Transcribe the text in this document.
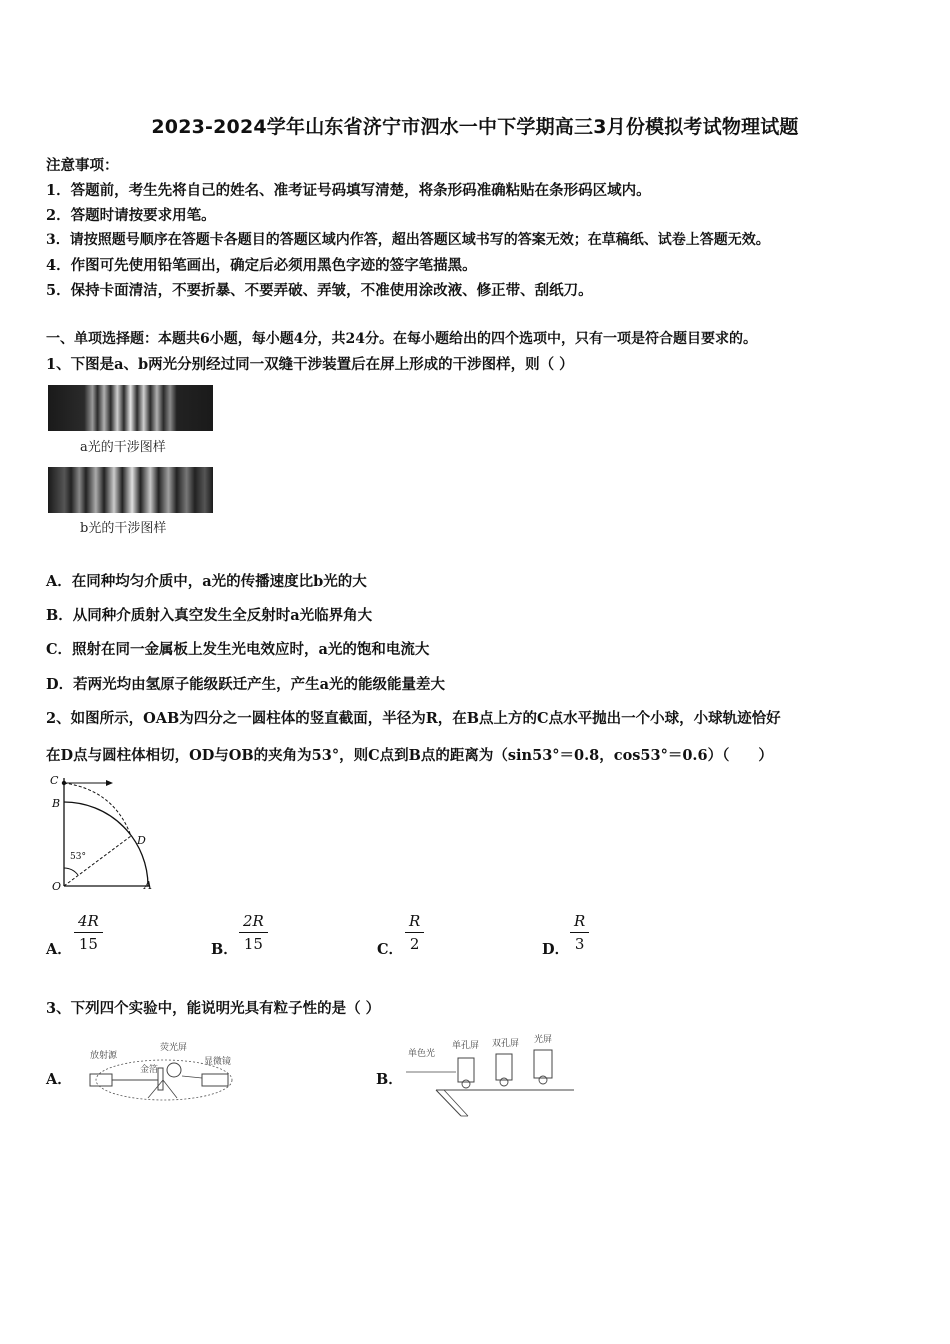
2023-2024学年山东省济宁市泗水一中下学期高三3月份模拟考试物理试题
注意事项：
1．答题前，考生先将自己的姓名、准考证号码填写清楚，将条形码准确粘贴在条形码区域内。
2．答题时请按要求用笔。
3．请按照题号顺序在答题卡各题目的答题区域内作答，超出答题区域书写的答案无效；在草稿纸、试卷上答题无效。
4．作图可先使用铅笔画出，确定后必须用黑色字迹的签字笔描黑。
5．保持卡面清洁，不要折暴、不要弄破、弄皱，不准使用涂改液、修正带、刮纸刀。
一、单项选择题：本题共6小题，每小题4分，共24分。在每小题给出的四个选项中，只有一项是符合题目要求的。
1、下图是a、b两光分别经过同一双缝干涉装置后在屏上形成的干涉图样，则（ ）
a光的干涉图样
b光的干涉图样
A．在同种均匀介质中，a光的传播速度比b光的大
B．从同种介质射入真空发生全反射时a光临界角大
C．照射在同一金属板上发生光电效应时，a光的饱和电流大
D．若两光均由氢原子能级跃迁产生，产生a光的能级能量差大
2、如图所示，OAB为四分之一圆柱体的竖直截面，半径为R，在B点上方的C点水平抛出一个小球，小球轨迹恰好
在D点与圆柱体相切，OD与OB的夹角为53°，则C点到B点的距离为（sin53°＝0.8，cos53°＝0.6）（　　）
C
B
D
O	A
53°
A． $\frac{4R}{15}$	B． $\frac{2R}{15}$	C． $\frac{R}{2}$	D． $\frac{R}{3}$
3、下列四个实验中，能说明光具有粒子性的是（ ）
A．
放射源
荧光屏
金箔
显微镜
B．
单色光
单孔屏 双孔屏 光屏
